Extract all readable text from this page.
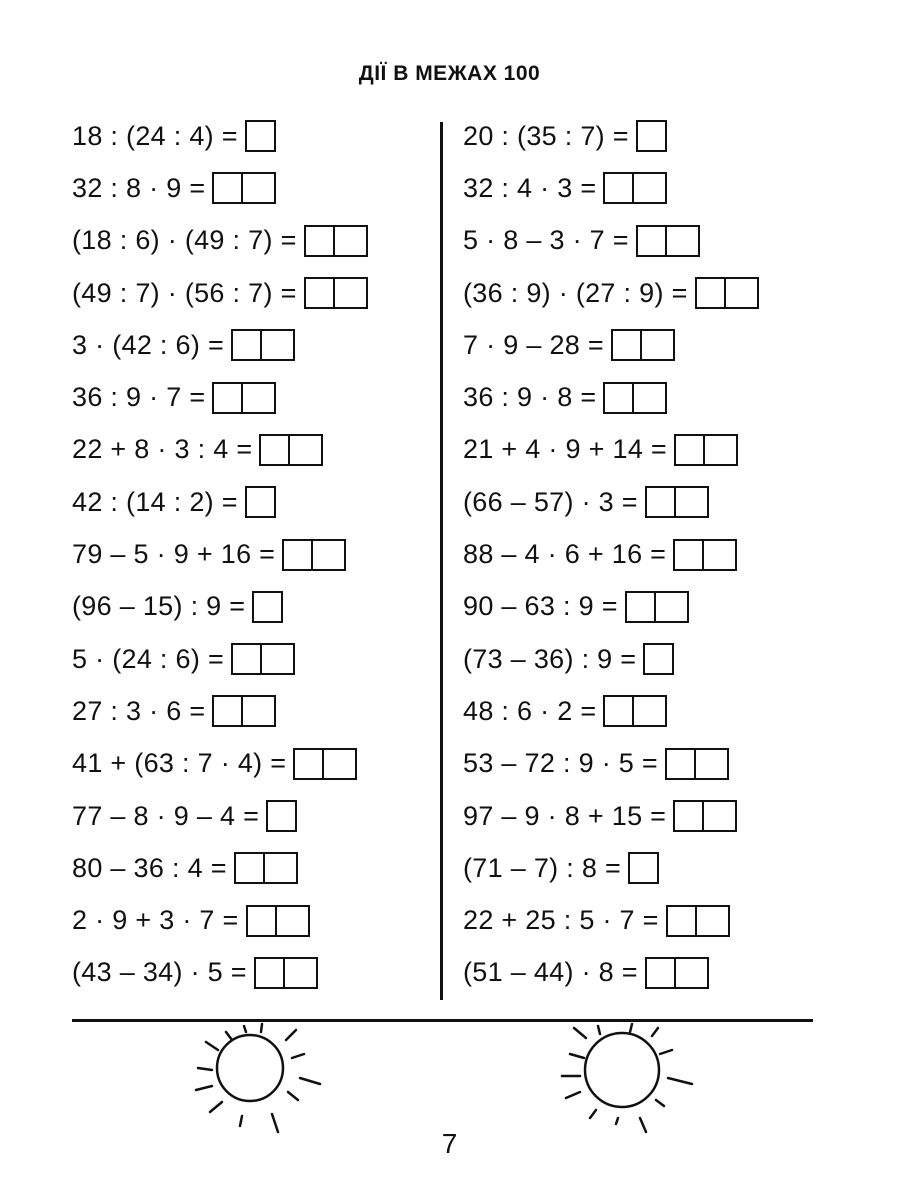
ДІЇ В МЕЖАХ 100
18 : (24 : 4) =
32 : 8 · 9 =
(18 : 6) · (49 : 7) =
(49 : 7) · (56 : 7) =
3 · (42 : 6) =
36 : 9 · 7 =
22 + 8 · 3 : 4 =
42 : (14 : 2) =
79 – 5 · 9 + 16 =
(96 – 15) : 9 =
5 · (24 : 6) =
27 : 3 · 6 =
41 + (63 : 7 · 4) =
77 – 8 · 9 – 4 =
80 – 36 : 4 =
2 · 9 + 3 · 7 =
(43 – 34) · 5 =
20 : (35 : 7) =
32 : 4 · 3 =
5 · 8 – 3 · 7 =
(36 : 9) · (27 : 9) =
7 · 9 – 28 =
36 : 9 · 8 =
21 + 4 · 9 + 14 =
(66 – 57) · 3 =
88 – 4 · 6 + 16 =
90 – 63 : 9 =
(73 – 36) : 9 =
48 : 6 · 2 =
53 – 72 : 9 · 5 =
97 – 9 · 8 + 15 =
(71 – 7) : 8 =
22 + 25 : 5 · 7 =
(51 – 44) · 8 =
7
